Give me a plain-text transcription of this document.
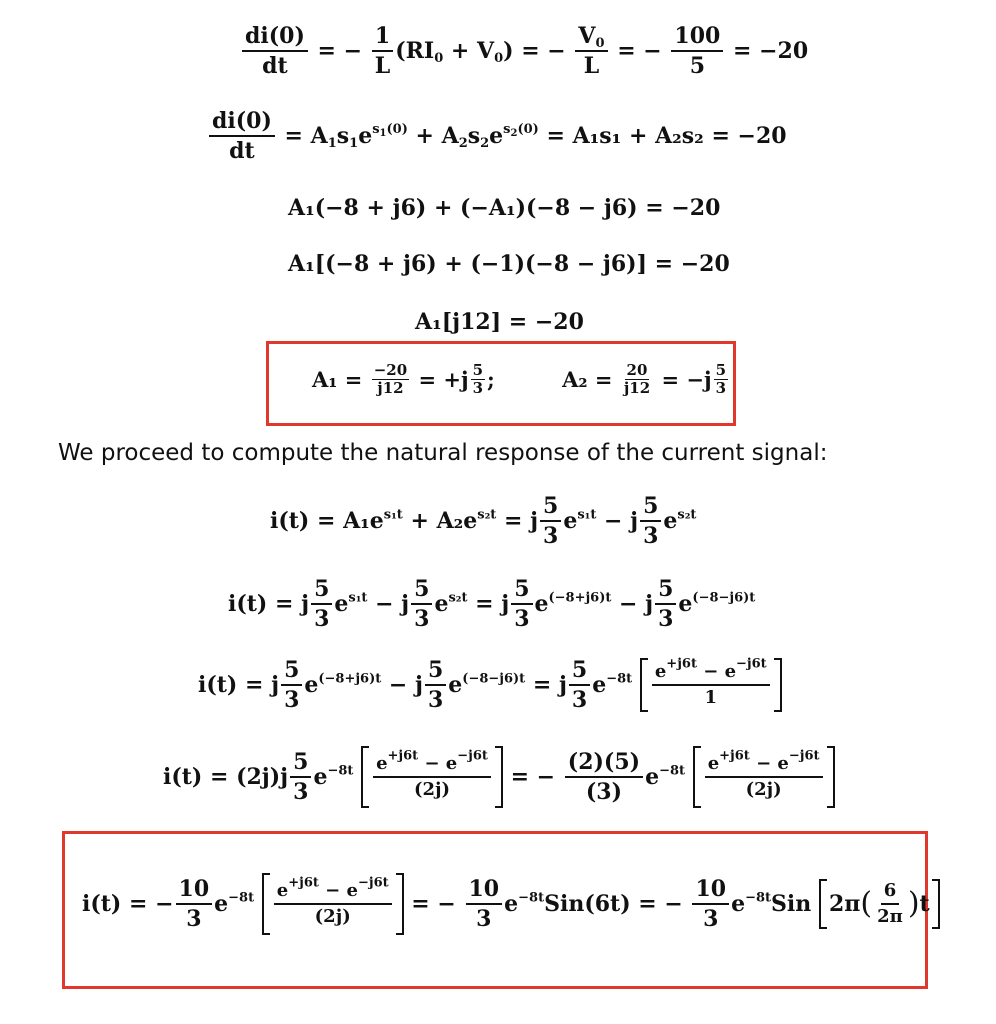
$\frac{di(0)}{dt}$ = − $\frac{1}{L} (RI_0 + V_0)$ = − $\frac{V_0}{L}$ = − $\frac{100}{5} = -20$
$\frac{di(0)}{dt} = A_1s_1e^{s_1(0)} + A_2s_2e^{s_2(0)} = A_1s_1 + A_2s_2 = -20$
A₁(−8 + j6) + (−A₁)(−8 − j6) = −20
A₁[(−8 + j6) + (−1)(−8 − j6)] = −20
A₁[j12] = −20
$A_1 = \frac{-20}{j12} = +j \frac{5}{3}$ ;	$A_2 = \frac{20}{j12} = -j \frac{5}{3}$
We proceed to compute the natural response of the current signal:
$i(t) = A_1e^{s_1t} + A_2e^{s_2t} = j \frac{5}{3} e^{s_1t} - j \frac{5}{3} e^{s_2t}$
i(t) = j $\frac{5}{3} e^{s_1t} - j \frac{5}{3} e^{s_2t} = j \frac{5}{3} e^{(-8+j6)t} - j \frac{5}{3} e^{(-8-j6)t}$
i(t) = j $\frac{5}{3} e^{(-8+j6)t} - j \frac{5}{3} e^{(-8-j6)t} = j \frac{5}{3} e^{-8t} \frac{e^{+j6t} - e^{-j6t}}{1}$
$i(t) = (2j)j \frac{5}{3} e^{-8t} \frac{e^{+j6t} - e^{-j6t}}{(2j)}$ = − $\frac{(2)(5)}{(3)} e^{-8t} \frac{e^{+j6t} - e^{-j6t}}{(2j)}$
i(t) = − $\frac{10}{3} e^{-8t} \frac{e^{+j6t} - e^{-j6t}}{(2j)}$ = − $\frac{10}{3} e^{-8t}Sin(6t)$ = − $\frac{10}{3} e^{-8t}Sin$ 2π ( $\frac{6}{2\pi}$ ) t
